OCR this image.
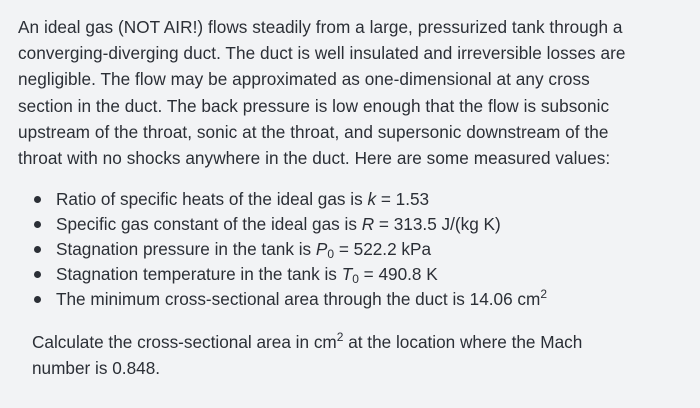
An ideal gas (NOT AIR!) flows steadily from a large, pressurized tank through a
converging-diverging duct. The duct is well insulated and irreversible losses are
negligible. The flow may be approximated as one-dimensional at any cross
section in the duct. The back pressure is low enough that the flow is subsonic
upstream of the throat, sonic at the throat, and supersonic downstream of the
throat with no shocks anywhere in the duct. Here are some measured values:

Ratio of specific heats of the ideal gas is k = 1.53
Specific gas constant of the ideal gas is R = 313.5 J/(kg K)
Stagnation pressure in the tank is $P_0 = 522.2$ kPa
Stagnation temperature in the tank is $T_0 = 490.8$ K
The minimum cross-sectional area through the duct is 14.06 $cm^2$
Calculate the cross-sectional area in $cm^2$ at the location where the Mach
number is 0.848.
